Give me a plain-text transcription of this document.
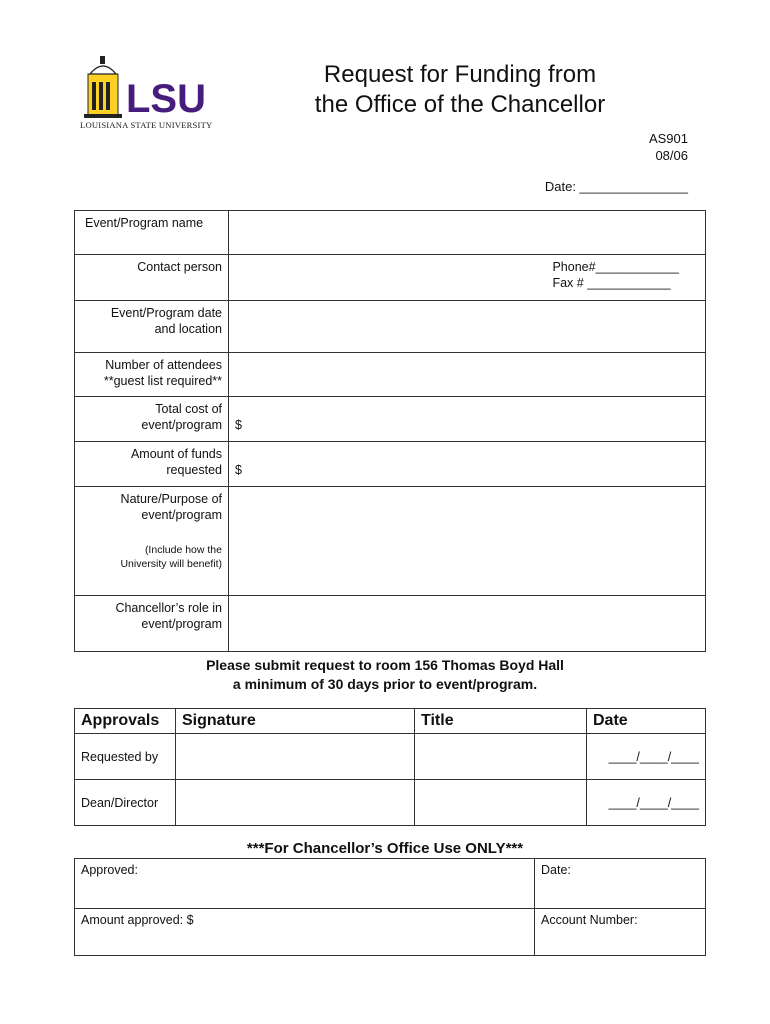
LSU
LOUISIANA STATE UNIVERSITY
Request for Funding from
the Office of the Chancellor
AS901
08/06
Date: _______________
Event/Program name	
Contact person	Phone#____________
Fax # ____________

Event/Program date
and location	

Number of attendees
**guest list required**	

Total cost of
event/program	$

Amount of funds
requested	$

Nature/Purpose of
event/program
(Include how the
University will benefit)	

Chancellor’s role in
event/program	

Please submit request to room 156 Thomas Boyd Hall
a minimum of 30 days prior to event/program.
Approvals	Signature	Title	Date
Requested by			____/____/____
Dean/Director			____/____/____
***For Chancellor’s Office Use ONLY***
Approved:	Date:
Amount approved: $	Account Number:
